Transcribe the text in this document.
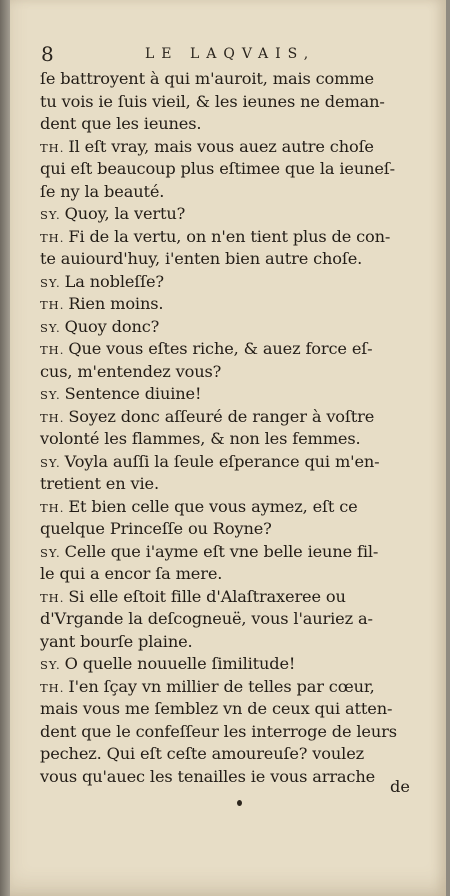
8	LE LAQVAIS,
ſe battroyent à qui m'auroit, mais comme
tu vois ie ſuis vieil, & les ieunes ne deman-
dent que les ieunes.
TH. Il eſt vray, mais vous auez autre choſe
qui eſt beaucoup plus eſtimee que la ieuneſ-
ſe ny la beauté.
SY. Quoy, la vertu?
TH. Fi de la vertu, on n'en tient plus de con-
te auiourd'huy, i'enten bien autre choſe.
SY. La nobleſſe?
TH. Rien moins.
SY. Quoy donc?
TH. Que vous eſtes riche, & auez force eſ-
cus, m'entendez vous?
SY. Sentence diuine!
TH. Soyez donc aſſeuré de ranger à voſtre
volonté les flammes, & non les femmes.
SY. Voyla auſſi la ſeule eſperance qui m'en-
tretient en vie.
TH. Et bien celle que vous aymez, eſt ce
quelque Princeſſe ou Royne?
SY. Celle que i'ayme eſt vne belle ieune fil-
le qui a encor ſa mere.
TH. Si elle eſtoit fille d'Alaſtraxeree ou
d'Vrgande la deſcogneuë, vous l'auriez a-
yant bourſe plaine.
SY. O quelle nouuelle ſimilitude!
TH. I'en ſçay vn millier de telles par cœur,
mais vous me ſemblez vn de ceux qui atten-
dent que le confeſſeur les interroge de leurs
pechez. Qui eſt ceſte amoureuſe? voulez
vous qu'auec les tenailles ie vous arrache
de
